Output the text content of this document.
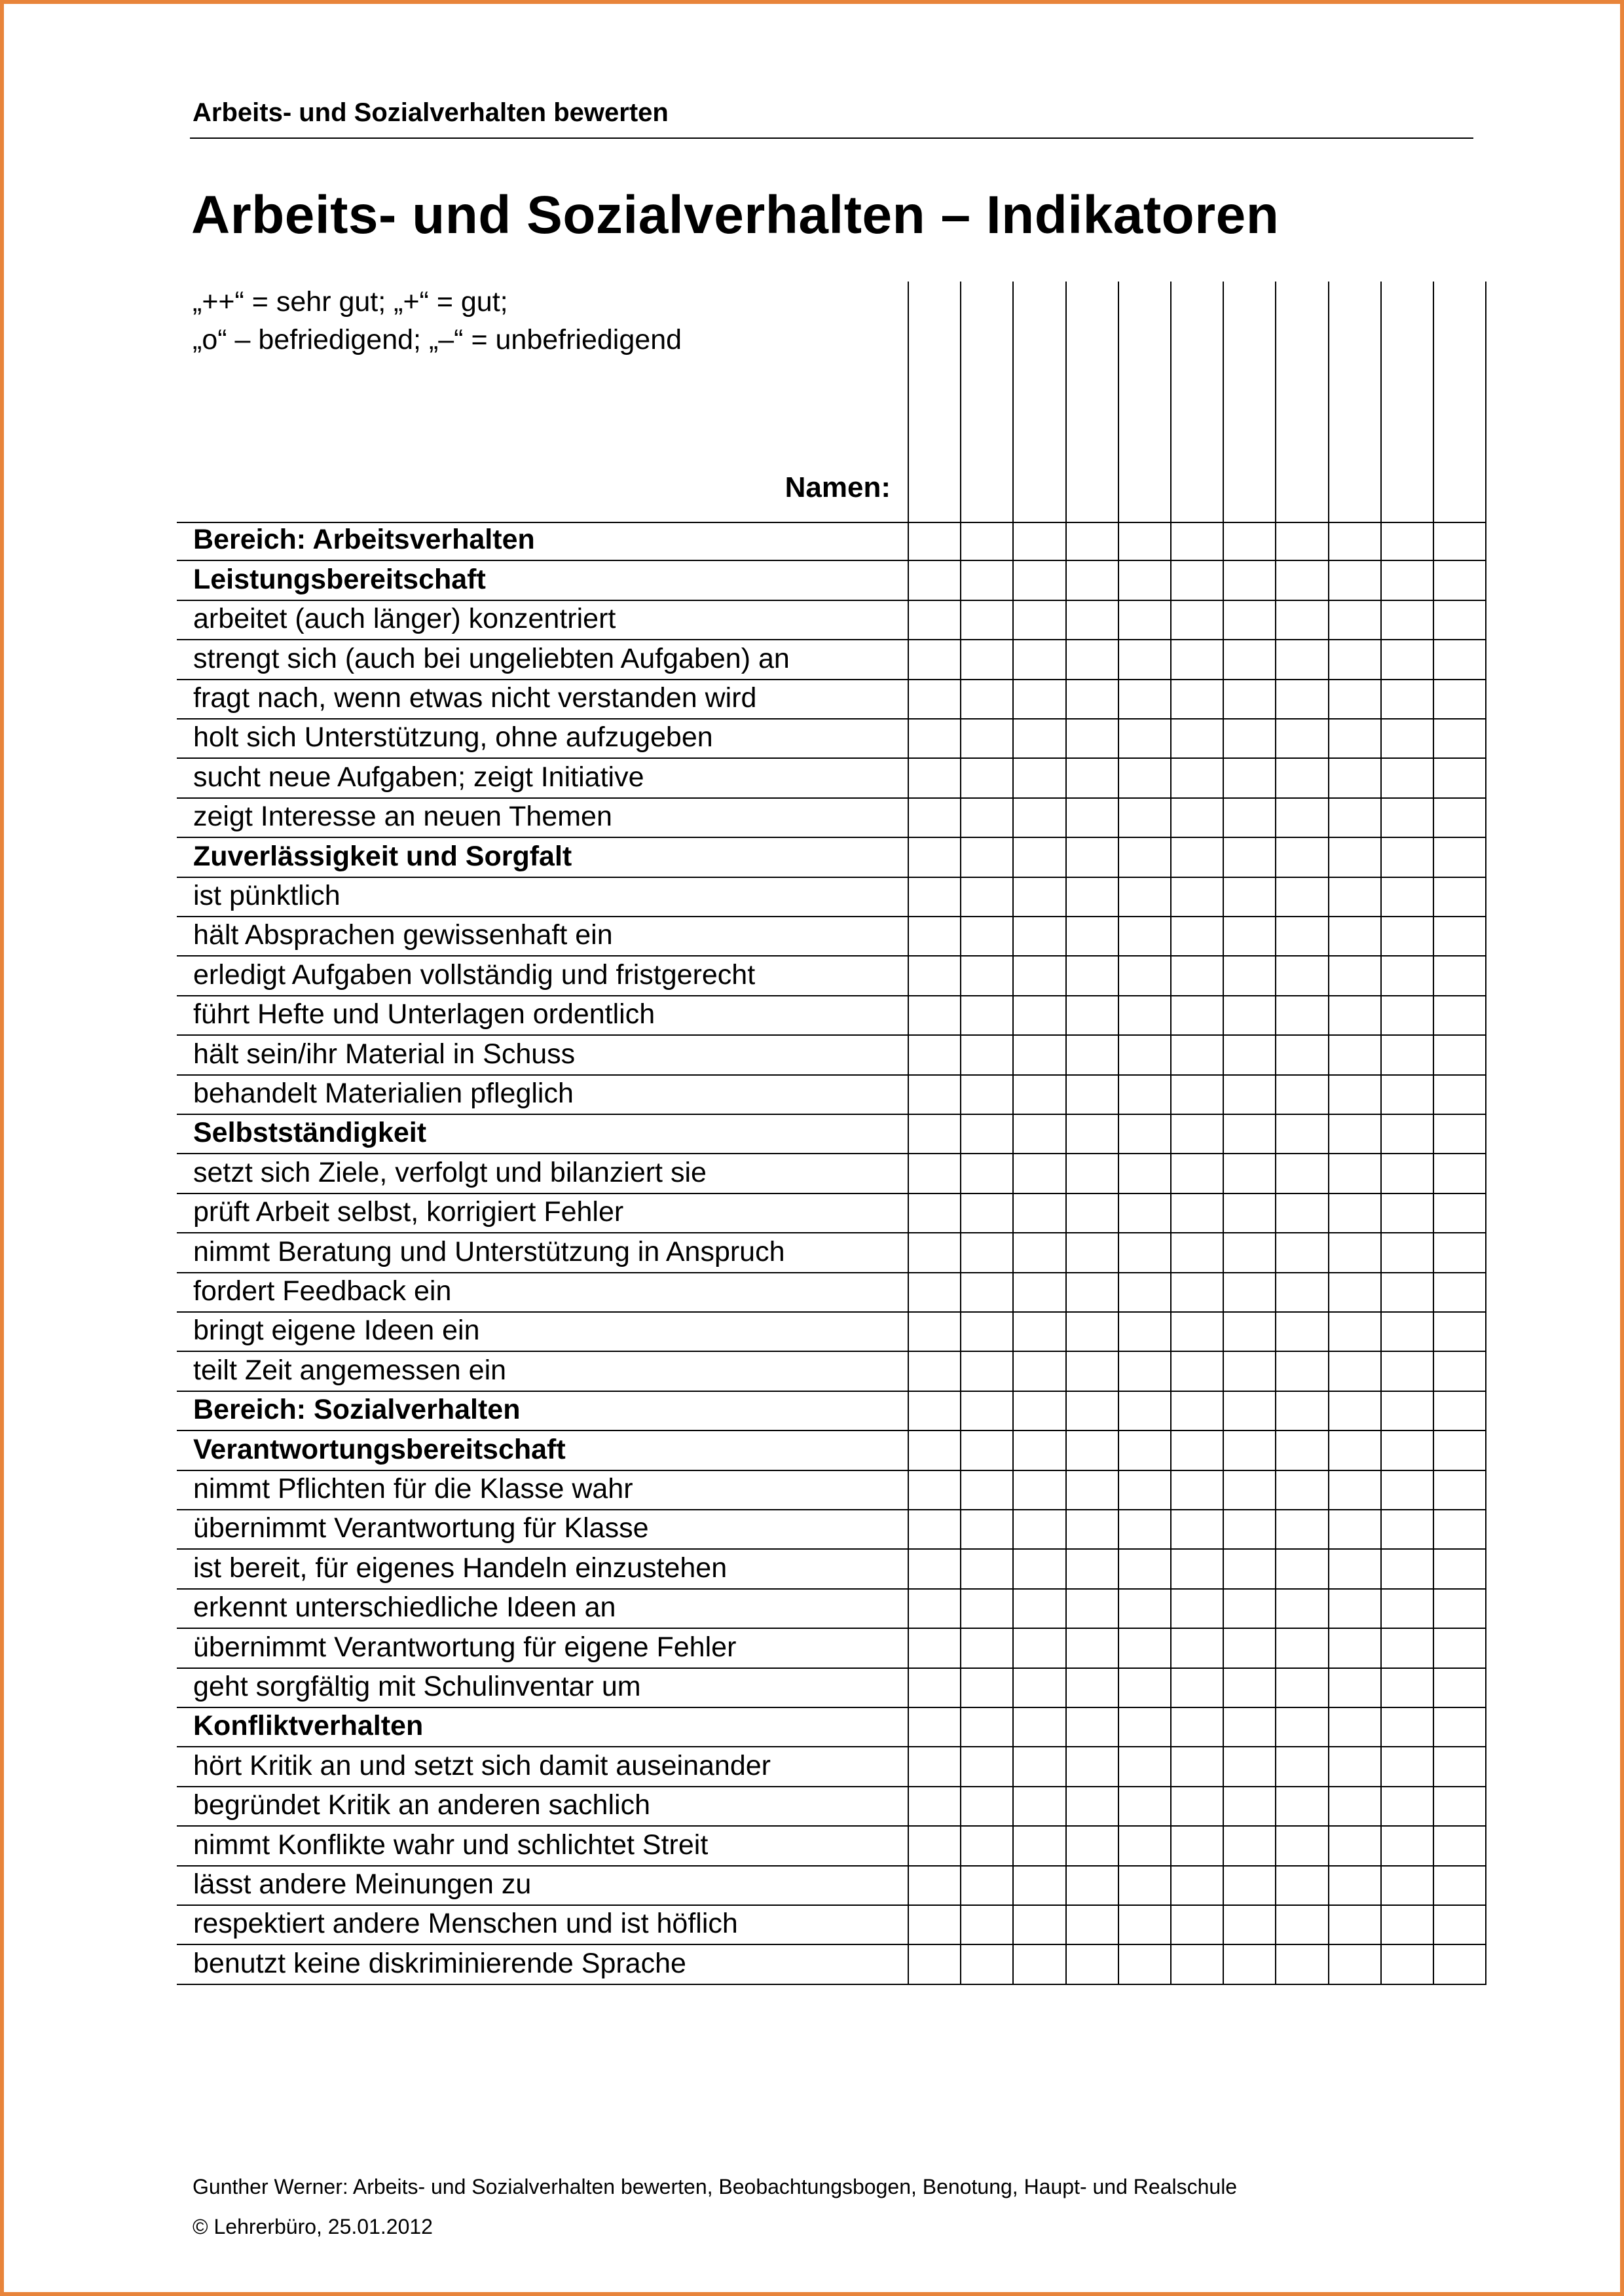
Arbeits- und Sozialverhalten bewerten
Arbeits- und Sozialverhalten – Indikatoren
„++“ = sehr gut; „+“ = gut;
„o“ – befriedigend; „–“ = unbefriedigend
Namen:
Bereich: Arbeitsverhalten
Leistungsbereitschaft
arbeitet (auch länger) konzentriert
strengt sich (auch bei ungeliebten Aufgaben) an
fragt nach, wenn etwas nicht verstanden wird
holt sich Unterstützung, ohne aufzugeben
sucht neue Aufgaben; zeigt Initiative
zeigt Interesse an neuen Themen
Zuverlässigkeit und Sorgfalt
ist pünktlich
hält Absprachen gewissenhaft ein
erledigt Aufgaben vollständig und fristgerecht
führt Hefte und Unterlagen ordentlich
hält sein/ihr Material in Schuss
behandelt Materialien pfleglich
Selbstständigkeit
setzt sich Ziele, verfolgt und bilanziert sie
prüft Arbeit selbst, korrigiert Fehler
nimmt Beratung und Unterstützung in Anspruch
fordert Feedback ein
bringt eigene Ideen ein
teilt Zeit angemessen ein
Bereich: Sozialverhalten
Verantwortungsbereitschaft
nimmt Pflichten für die Klasse wahr
übernimmt Verantwortung für Klasse
ist bereit, für eigenes Handeln einzustehen
erkennt unterschiedliche Ideen an
übernimmt Verantwortung für eigene Fehler
geht sorgfältig mit Schulinventar um
Konfliktverhalten
hört Kritik an und setzt sich damit auseinander
begründet Kritik an anderen sachlich
nimmt Konflikte wahr und schlichtet Streit
lässt andere Meinungen zu
respektiert andere Menschen und ist höflich
benutzt keine diskriminierende Sprache
Gunther Werner: Arbeits- und Sozialverhalten bewerten, Beobachtungsbogen, Benotung, Haupt- und Realschule
© Lehrerbüro, 25.01.2012
